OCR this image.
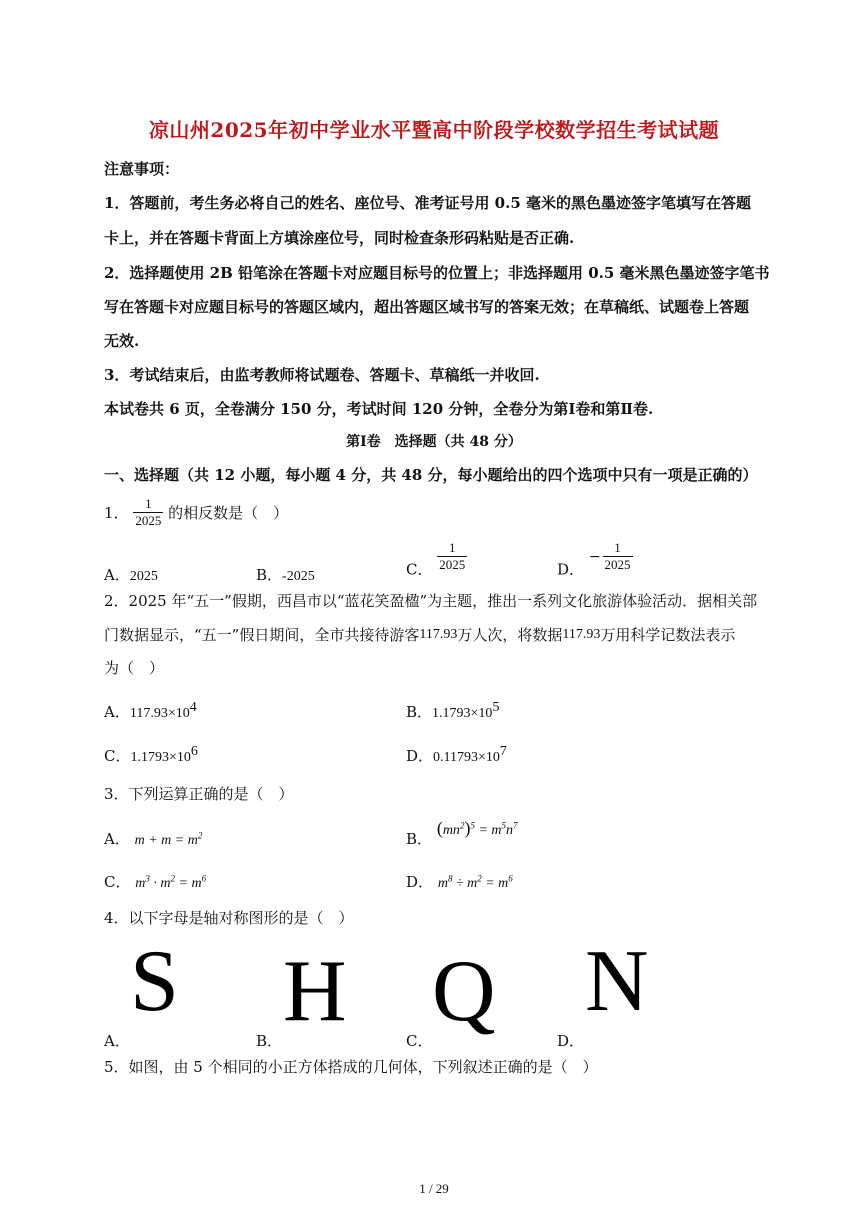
凉山州2025年初中学业水平暨高中阶段学校数学招生考试试题
注意事项：
1．答题前，考生务必将自己的姓名、座位号、准考证号用 0.5 毫米的黑色墨迹签字笔填写在答题
卡上，并在答题卡背面上方填涂座位号，同时检查条形码粘贴是否正确.
2．选择题使用 2B 铅笔涂在答题卡对应题目标号的位置上；非选择题用 0.5 毫米黑色墨迹签字笔书
写在答题卡对应题目标号的答题区域内，超出答题区域书写的答案无效；在草稿纸、试题卷上答题
无效.
3．考试结束后，由监考教师将试题卷、答题卡、草稿纸一并收回.
本试卷共 6 页，全卷满分 150 分，考试时间 120 分钟，全卷分为第Ⅰ卷和第Ⅱ卷.
第Ⅰ卷　选择题（共 48 分）
一、选择题（共 12 小题，每小题 4 分，共 48 分，每小题给出的四个选项中只有一项是正确的）
1． $\frac{1}{2025}$ 的相反数是（　）
A．2025	B．-2025	C． $\frac{1}{2025}$	D．
− $\frac{1}{2025}$
2．2025 年“五一”假期，西昌市以“蓝花笑盈楹”为主题，推出一系列文化旅游体验活动．据相关部
门数据显示，“五一”假日期间，全市共接待游客117.93万人次，将数据117.93万用科学记数法表示
为（　）
A．$117.93\times 10^4$	B．$1.1793\times 10^5$
C．$1.1793\times 10^6$	D．$0.11793\times 10^7$
3．下列运算正确的是（　）
A． $m + m = m^2$	B． $(mn^2)^5 = m^5n^7$
C． $m^3 \cdot m^2 = m^6$	D． $m^8 \div m^2 = m^6$
4．以下字母是轴对称图形的是（　）
S H Q N
A．	B．	C．	D．
5．如图，由 5 个相同的小正方体搭成的几何体，下列叙述正确的是（　）
1 / 29
